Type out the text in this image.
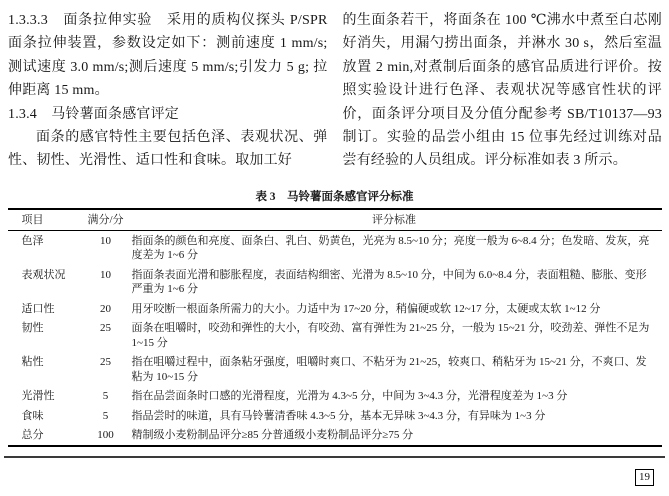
1.3.3.3　面条拉伸实验　采用的质构仪探头 P/SPR 面条拉伸装置，参数设定如下：测前速度 1 mm/s; 测试速度 3.0 mm/s;测后速度 5 mm/s;引发力 5 g; 拉伸距离 15 mm。
1.3.4　马铃薯面条感官评定
面条的感官特性主要包括色泽、表观状况、弹性、韧性、光滑性、适口性和食味。取加工好
的生面条若干，将面条在 100 ℃沸水中煮至白芯刚好消失，用漏勺捞出面条，并淋水 30 s，然后室温放置 2 min,对煮制后面条的感官品质进行评价。按照实验设计进行色泽、表观状况等感官性状的评价，面条评分项目及分值分配参考 SB/T10137—93 制订。实验的品尝小组由 15 位事先经过训练对品尝有经验的人员组成。评分标准如表 3 所示。
表 3　马铃薯面条感官评分标准
项目	满分/分	评分标准
色泽	10	指面条的颜色和亮度、面条白、乳白、奶黄色，光亮为 8.5~10 分；亮度一般为 6~8.4 分；色发暗、发灰，亮度差为 1~6 分
表观状况	10	指面条表面光滑和膨胀程度，表面结构细密、光滑为 8.5~10 分，中间为 6.0~8.4 分，表面粗糙、膨胀、变形严重为 1~6 分
适口性	20	用牙咬断一根面条所需力的大小。力适中为 17~20 分，稍偏硬或软 12~17 分，太硬或太软 1~12 分
韧性	25	面条在咀嚼时，咬劲和弹性的大小，有咬劲、富有弹性为 21~25 分，一般为 15~21 分，咬劲差、弹性不足为 1~15 分
粘性	25	指在咀嚼过程中，面条粘牙强度，咀嚼时爽口、不粘牙为 21~25，较爽口、稍粘牙为 15~21 分，不爽口、发粘为 10~15 分
光滑性	5	指在品尝面条时口感的光滑程度，光滑为 4.3~5 分，中间为 3~4.3 分，光滑程度差为 1~3 分
食味	5	指品尝时的味道，具有马铃薯清香味 4.3~5 分，基本无异味 3~4.3 分，有异味为 1~3 分
总分	100	精制级小麦粉制品评分≥85 分普通级小麦粉制品评分≥75 分
19
